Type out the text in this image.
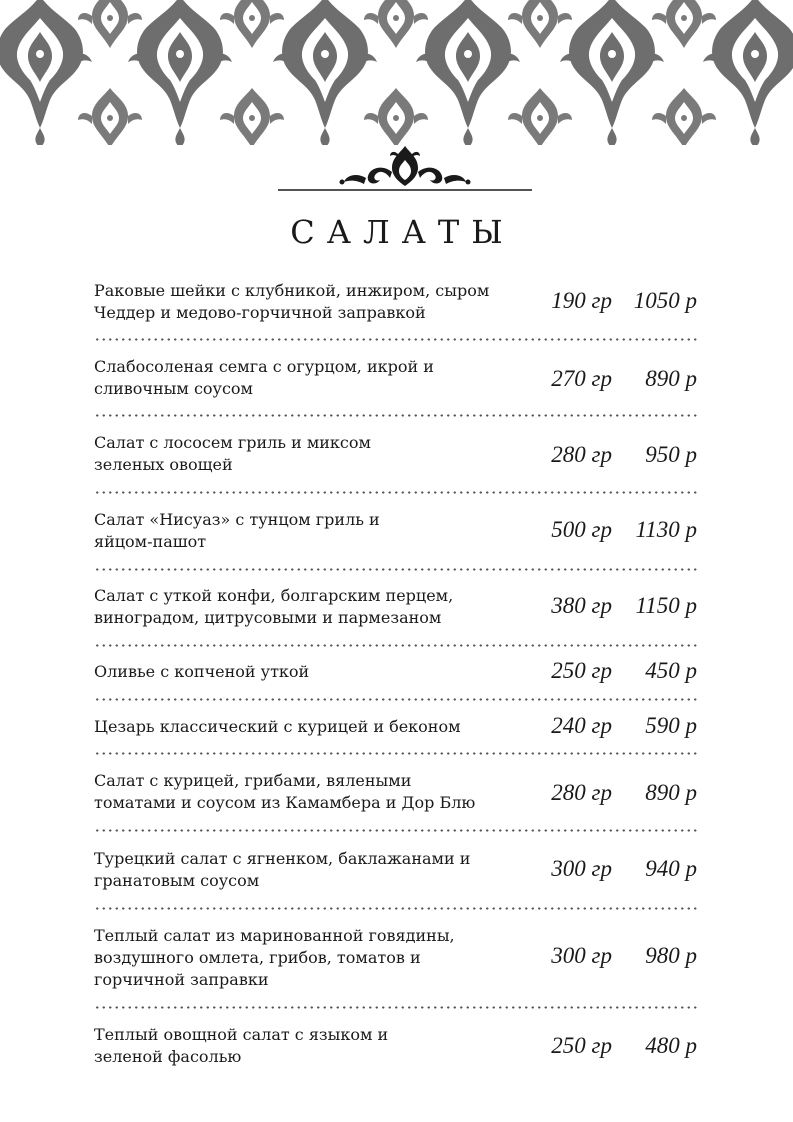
САЛАТЫ
Раковые шейки с клубникой, инжиром, сыром
Чеддер и медово-горчичной заправкой	190 гр 1050 р
Слабосоленая семга с огурцом, икрой и
сливочным соусом	270 гр	890 р
Салат с лососем гриль и миксом
зеленых овощей	280 гр	950 р
Салат «Нисуаз» с тунцом гриль и
яйцом-пашот	500 гр	1130 р
Салат с уткой конфи, болгарским перцем,
виноградом, цитрусовыми и пармезаном	380 гр	1150 р
Оливье с копченой уткой	250 гр	450 р
Цезарь классический с курицей и беконом	240 гр	590 р
Салат с курицей, грибами, вялеными
томатами и соусом из Камамбера и Дор Блю	280 гр	890 р
Турецкий салат с ягненком, баклажанами и
гранатовым соусом	300 гр	940 р
Теплый салат из маринованной говядины,
воздушного омлета, грибов, томатов и
горчичной заправки
300 гр	980 р
Теплый овощной салат с языком и
зеленой фасолью	250 гр	480 р
